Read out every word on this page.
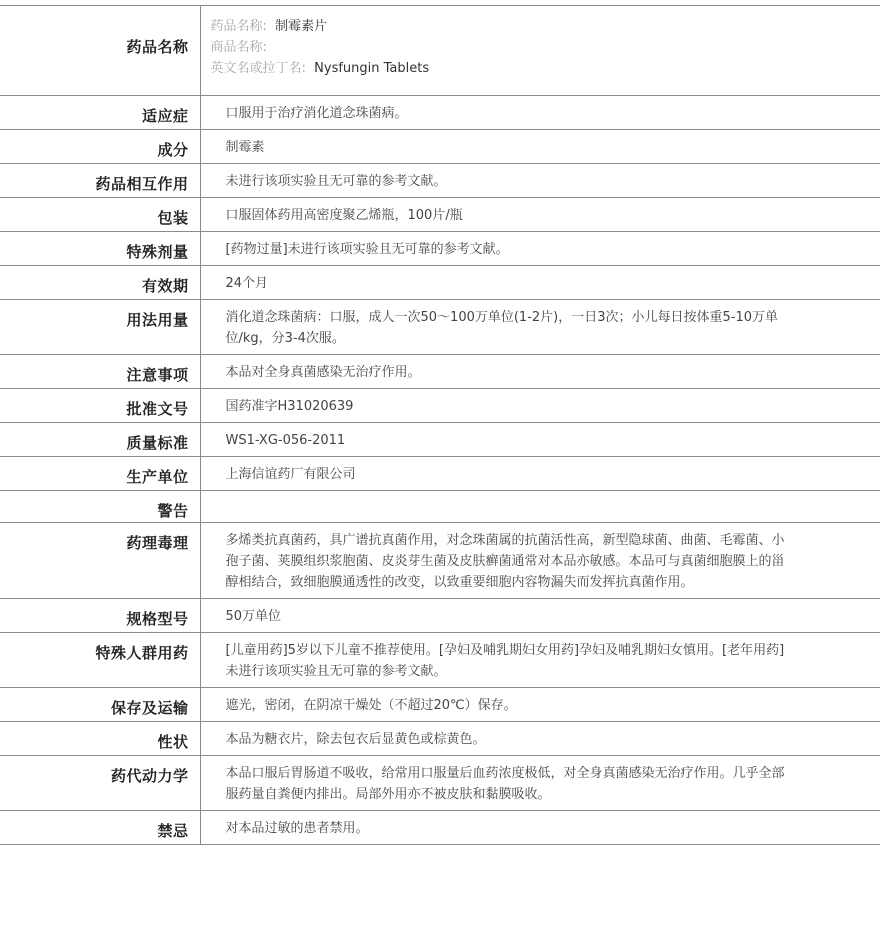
药品名称	药品名称: 制霉素片
商品名称:
英文名或拉丁名: Nysfungin Tablets

适应症	口服用于治疗消化道念珠菌病。
成分	制霉素
药品相互作用	未进行该项实验且无可靠的参考文献。
包装	口服固体药用高密度聚乙烯瓶，100片/瓶
特殊剂量	[药物过量]未进行该项实验且无可靠的参考文献。
有效期	24个月
用法用量	消化道念珠菌病：口服，成人一次50～100万单位(1-2片)，一日3次；小儿每日按体重5-10万单位/kg，分3-4次服。
注意事项	本品对全身真菌感染无治疗作用。
批准文号	国药准字H31020639
质量标准	WS1-XG-056-2011
生产单位	上海信谊药厂有限公司
警告	
药理毒理	多烯类抗真菌药，具广谱抗真菌作用，对念珠菌属的抗菌活性高，新型隐球菌、曲菌、毛霉菌、小孢子菌、荚膜组织浆胞菌、皮炎芽生菌及皮肤癣菌通常对本品亦敏感。本品可与真菌细胞膜上的甾醇相结合，致细胞膜通透性的改变，以致重要细胞内容物漏失而发挥抗真菌作用。
规格型号	50万单位
特殊人群用药	[儿童用药]5岁以下儿童不推荐使用。[孕妇及哺乳期妇女用药]孕妇及哺乳期妇女慎用。[老年用药]未进行该项实验且无可靠的参考文献。
保存及运输	遮光，密闭，在阴凉干燥处（不超过20℃）保存。
性状	本品为糖衣片，除去包衣后显黄色或棕黄色。
药代动力学	本品口服后胃肠道不吸收，给常用口服量后血药浓度极低，对全身真菌感染无治疗作用。几乎全部服药量自粪便内排出。局部外用亦不被皮肤和黏膜吸收。
禁忌	对本品过敏的患者禁用。
